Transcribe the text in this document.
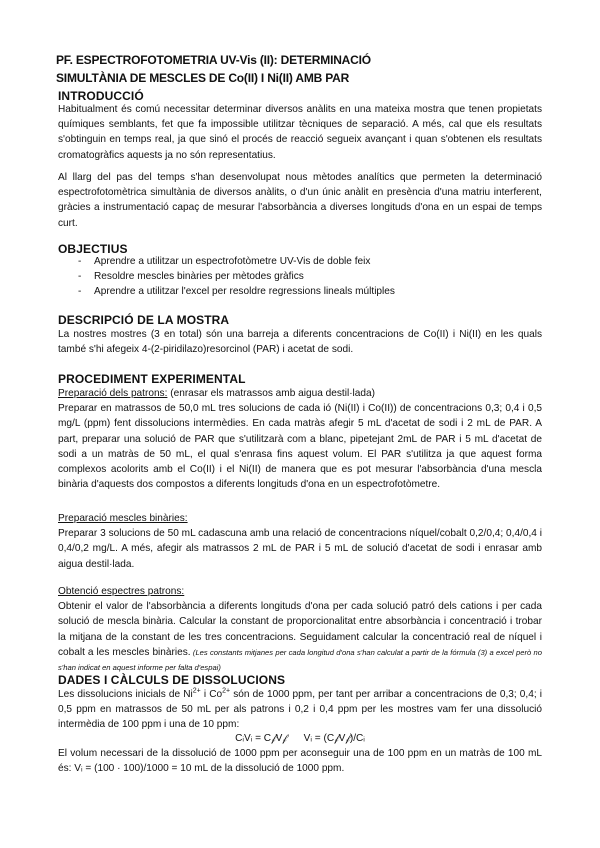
PF. ESPECTROFOTOMETRIA UV-Vis (II): DETERMINACIÓ
SIMULTÀNIA DE MESCLES DE Co(II) I Ni(II) AMB PAR
INTRODUCCIÓ
Habitualment és comú necessitar determinar diversos anàlits en una mateixa mostra que tenen propietats químiques semblants, fet que fa impossible utilitzar tècniques de separació. A més, cal que els resultats s'obtinguin en temps real, ja que sinó el procés de reacció segueix avançant i quan s'obtenen els resultats cromatogràfics aquests ja no són representatius.
Al llarg del pas del temps s'han desenvolupat nous mètodes analítics que permeten la determinació espectrofotomètrica simultània de diversos anàlits, o d'un únic anàlit en presència d'una matriu interferent, gràcies a instrumentació capaç de mesurar l'absorbància a diverses longituds d'ona en un espai de temps curt.
OBJECTIUS
- Aprendre a utilitzar un espectrofotòmetre UV-Vis de doble feix
- Resoldre mescles binàries per mètodes gràfics
- Aprendre a utilitzar l'excel per resoldre regressions lineals múltiples
DESCRIPCIÓ DE LA MOSTRA
La nostres mostres (3 en total) són una barreja a diferents concentracions de Co(II) i Ni(II) en les quals també s'hi afegeix 4-(2-piridilazo)resorcinol (PAR) i acetat de sodi.
PROCEDIMENT EXPERIMENTAL
Preparació dels patrons: (enrasar els matrassos amb aigua destil·lada)
Preparar en matrassos de 50,0 mL tres solucions de cada ió (Ni(II) i Co(II)) de concentracions 0,3; 0,4 i 0,5 mg/L (ppm) fent dissolucions intermèdies. En cada matràs afegir 5 mL d'acetat de sodi i 2 mL de PAR. A part, preparar una solució de PAR que s'utilitzarà com a blanc, pipetejant 2mL de PAR i 5 mL d'acetat de sodi a un matràs de 50 mL, el qual s'enrasa fins aquest volum. El PAR s'utilitza ja que aquest forma complexos acolorits amb el Co(II) i el Ni(II) de manera que es pot mesurar l'absorbància d'una mescla binària d'aquests dos compostos a diferents longituds d'ona en un espectrofotòmetre.
Preparació mescles binàries:
Preparar 3 solucions de 50 mL cadascuna amb una relació de concentracions níquel/cobalt 0,2/0,4; 0,4/0,4 i 0,4/0,2 mg/L. A més, afegir als matrassos 2 mL de PAR i 5 mL de solució d'acetat de sodi i enrasar amb aigua destil·lada.
Obtenció espectres patrons:
Obtenir el valor de l'absorbància a diferents longituds d'ona per cada solució patró dels cations i per cada solució de mescla binària. Calcular la constant de proporcionalitat entre absorbància i concentració i trobar la mitjana de la constant de les tres concentracions. Seguidament calcular la concentració real de níquel i cobalt a les mescles binàries. (Les constants mitjanes per cada longitud d'ona s'han calculat a partir de la fórmula (3) a excel però no s'han indicat en aquest informe per falta d'espai)
DADES I CÀLCULS DE DISSOLUCIONS
Les dissolucions inicials de $Ni^{2+}$ i $Co^{2+}$ són de 1000 ppm, per tant per arribar a concentracions de 0,3; 0,4; i 0,5 ppm en matrassos de 50 mL per als patrons i 0,2 i 0,4 ppm per les mostres vam fer una dissolució intermèdia de 100 ppm i una de 10 ppm:
CᵢVᵢ = C𝒻V𝒻 Vᵢ = (C𝒻V𝒻)/Cᵢ
El volum necessari de la dissolució de 1000 ppm per aconseguir una de 100 ppm en un matràs de 100 mL és: Vᵢ = (100 · 100)/1000 = 10 mL de la dissolució de 1000 ppm.
